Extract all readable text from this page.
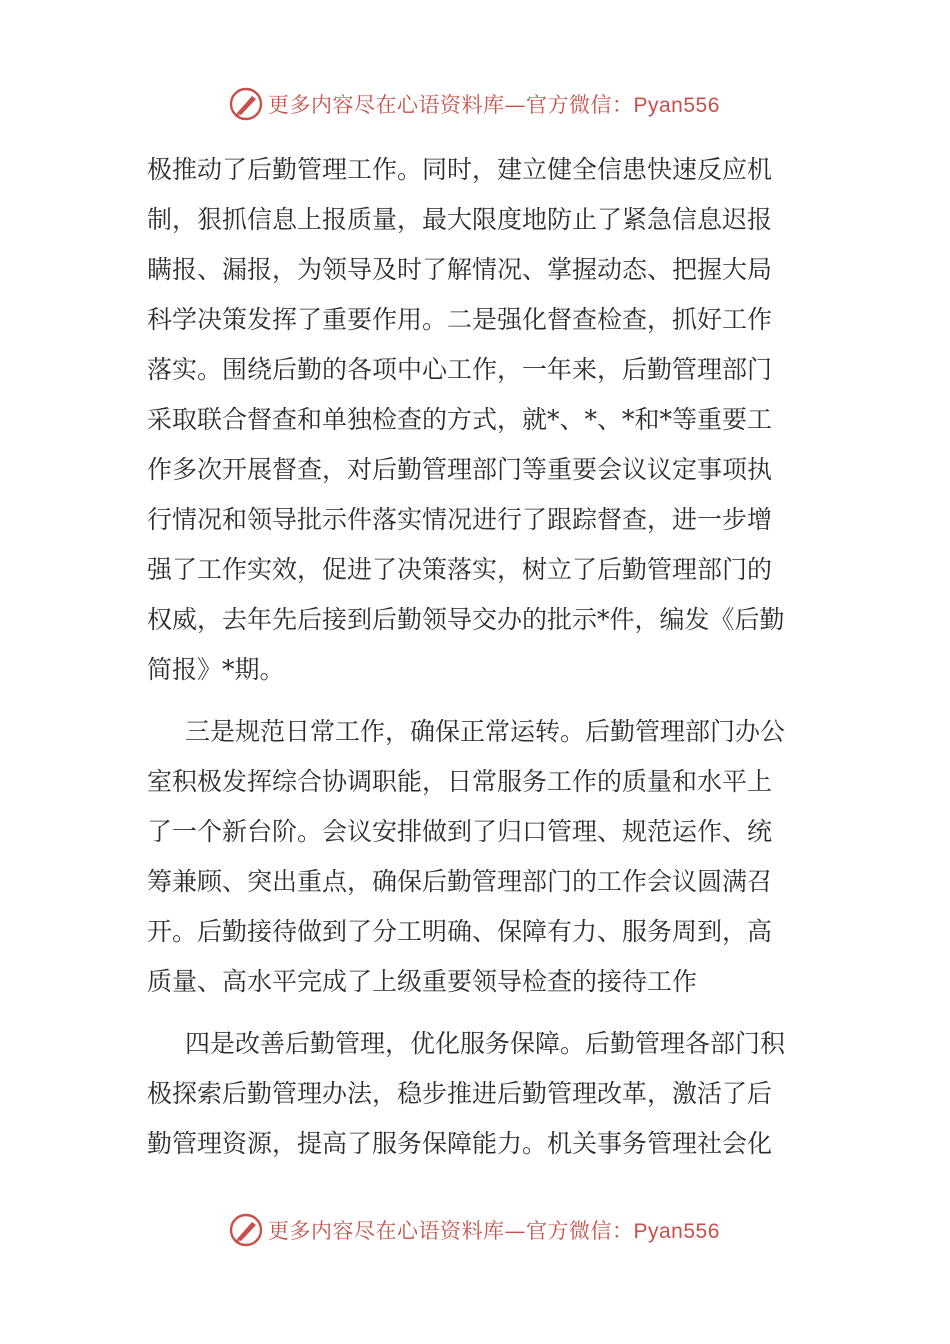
更多内容尽在心语资料库—官方微信：Pyan556

极推动了后勤管理工作。同时，建立健全信患快速反应机

制，狠抓信息上报质量，最大限度地防止了紧急信息迟报

瞒报、漏报，为领导及时了解情况、掌握动态、把握大局

科学决策发挥了重要作用。二是强化督查检查，抓好工作

落实。围绕后勤的各项中心工作，一年来，后勤管理部门

采取联合督查和单独检查的方式，就*、*、*和*等重要工

作多次开展督查，对后勤管理部门等重要会议议定事项执

行情况和领导批示件落实情况进行了跟踪督查，进一步增

强了工作实效，促进了决策落实，树立了后勤管理部门的

权威，去年先后接到后勤领导交办的批示*件，编发《后勤

简报》*期。

三是规范日常工作，确保正常运转。后勤管理部门办公

室积极发挥综合协调职能，日常服务工作的质量和水平上

了一个新台阶。会议安排做到了归口管理、规范运作、统

筹兼顾、突出重点，确保后勤管理部门的工作会议圆满召

开。后勤接待做到了分工明确、保障有力、服务周到，高

质量、高水平完成了上级重要领导检查的接待工作

四是改善后勤管理，优化服务保障。后勤管理各部门积

极探索后勤管理办法，稳步推进后勤管理改革，激活了后

勤管理资源，提高了服务保障能力。机关事务管理社会化

更多内容尽在心语资料库—官方微信：Pyan556
